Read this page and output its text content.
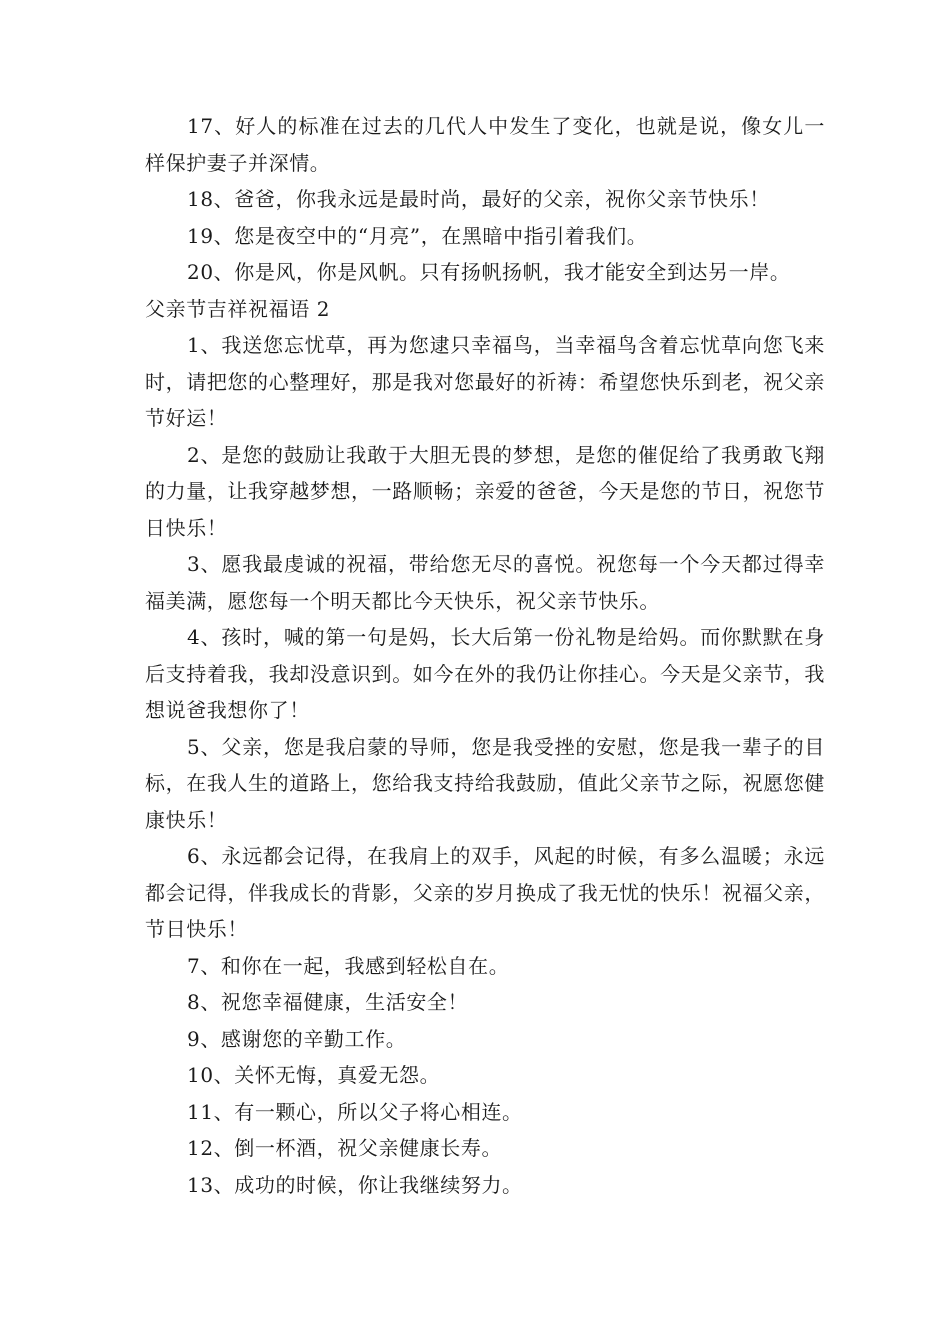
17、好人的标准在过去的几代人中发生了变化，也就是说，像女儿一样保护妻子并深情。

18、爸爸，你我永远是最时尚，最好的父亲，祝你父亲节快乐！

19、您是夜空中的“月亮”，在黑暗中指引着我们。

20、你是风，你是风帆。只有扬帆扬帆，我才能安全到达另一岸。

父亲节吉祥祝福语 2

1、我送您忘忧草，再为您逮只幸福鸟，当幸福鸟含着忘忧草向您飞来时，请把您的心整理好，那是我对您最好的祈祷：希望您快乐到老，祝父亲节好运！

2、是您的鼓励让我敢于大胆无畏的梦想，是您的催促给了我勇敢飞翔的力量，让我穿越梦想，一路顺畅；亲爱的爸爸，今天是您的节日，祝您节日快乐！

3、愿我最虔诚的祝福，带给您无尽的喜悦。祝您每一个今天都过得幸福美满，愿您每一个明天都比今天快乐，祝父亲节快乐。

4、孩时，喊的第一句是妈，长大后第一份礼物是给妈。而你默默在身后支持着我，我却没意识到。如今在外的我仍让你挂心。今天是父亲节，我想说爸我想你了！

5、父亲，您是我启蒙的导师，您是我受挫的安慰，您是我一辈子的目标，在我人生的道路上，您给我支持给我鼓励，值此父亲节之际，祝愿您健康快乐！

6、永远都会记得，在我肩上的双手，风起的时候，有多么温暖；永远都会记得，伴我成长的背影，父亲的岁月换成了我无忧的快乐！祝福父亲，节日快乐！

7、和你在一起，我感到轻松自在。

8、祝您幸福健康，生活安全！

9、感谢您的辛勤工作。

10、关怀无悔，真爱无怨。

11、有一颗心，所以父子将心相连。

12、倒一杯酒，祝父亲健康长寿。

13、成功的时候，你让我继续努力。
